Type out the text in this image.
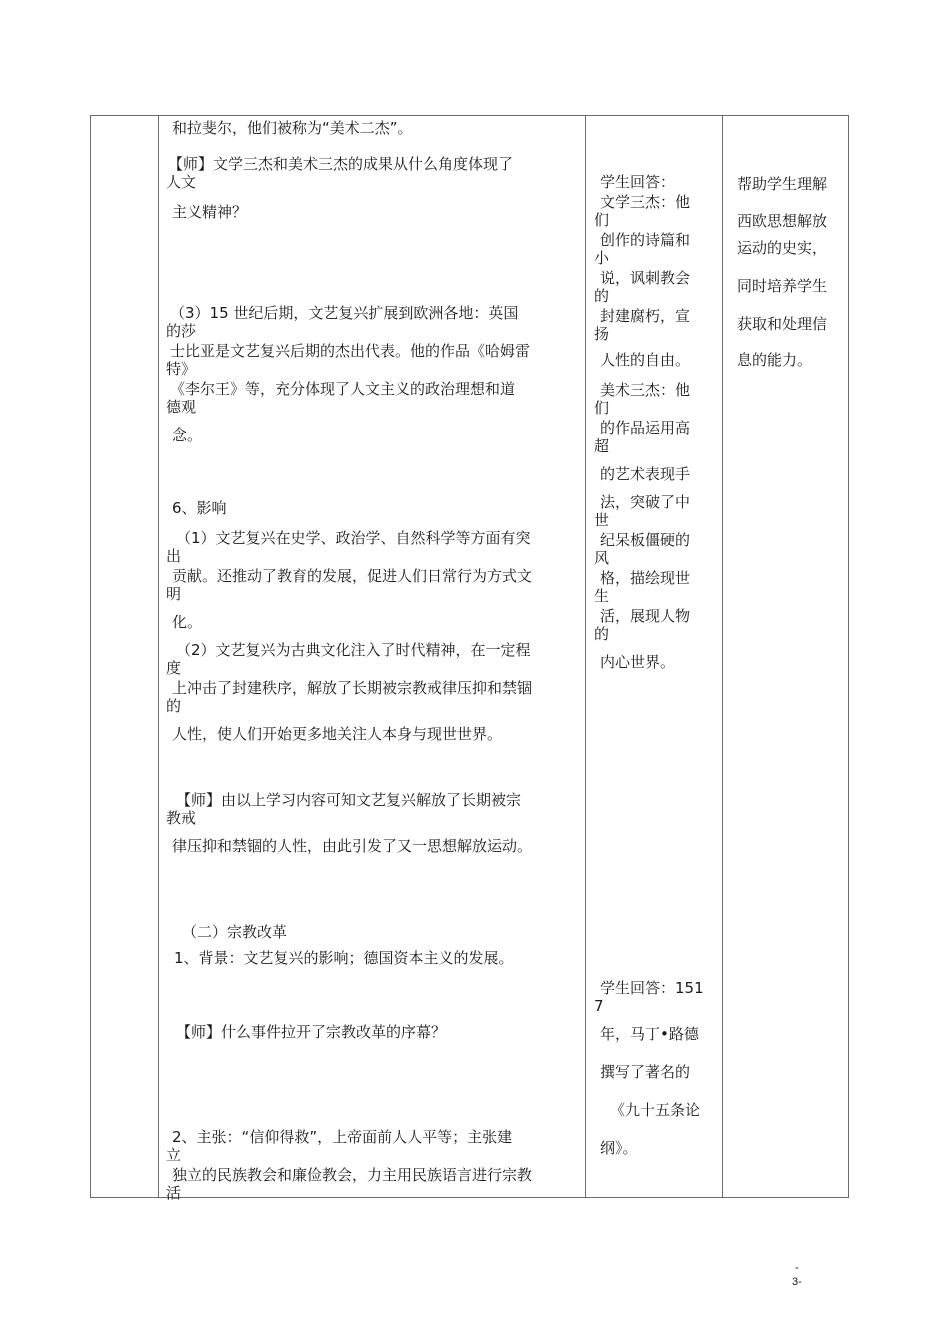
和拉斐尔，他们被称为“美术二杰”。
【师】文学三杰和美术三杰的成果从什么角度体现了
人文
主义精神？
（3）15 世纪后期，文艺复兴扩展到欧洲各地：英国
的莎
士比亚是文艺复兴后期的杰出代表。他的作品《哈姆雷
特》
《李尔王》等，充分体现了人文主义的政治理想和道
德观
念。
6、影响
（1）文艺复兴在史学、政治学、自然科学等方面有突
出
贡献。还推动了教育的发展，促进人们日常行为方式文
明
化。
（2）文艺复兴为古典文化注入了时代精神，在一定程
度
上冲击了封建秩序，解放了长期被宗教戒律压抑和禁锢
的
人性，使人们开始更多地关注人本身与现世世界。
【师】由以上学习内容可知文艺复兴解放了长期被宗
教戒
律压抑和禁锢的人性，由此引发了又一思想解放运动。
（二）宗教改革
1、背景：文艺复兴的影响；德国资本主义的发展。
【师】什么事件拉开了宗教改革的序幕？
2、主张：“信仰得救”，上帝面前人人平等；主张建
立
独立的民族教会和廉俭教会，力主用民族语言进行宗教
活
学生回答：
文学三杰：他
们
创作的诗篇和
小
说，讽刺教会
的
封建腐朽，宣
扬
人性的自由。
美术三杰：他
们
的作品运用高
超
的艺术表现手
法，突破了中
世
纪呆板僵硬的
风
格，描绘现世
生
活，展现人物
的
内心世界。
学生回答：151
7
年，马丁•路德
撰写了著名的
《九十五条论
纲》。
帮助学生理解
西欧思想解放
运动的史实，
同时培养学生
获取和处理信
息的能力。
-
3-
